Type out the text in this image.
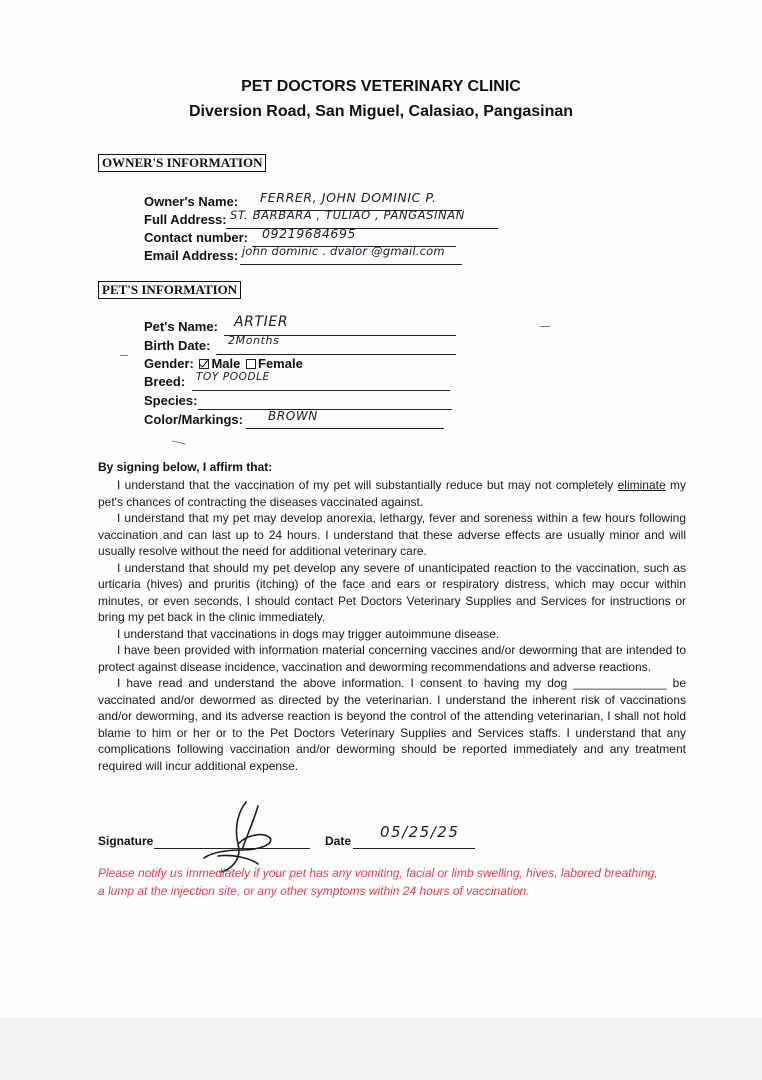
PET DOCTORS VETERINARY CLINIC
Diversion Road, San Miguel, Calasiao, Pangasinan
OWNER'S INFORMATION
Owner's Name: FERRER, JOHN DOMINIC P.
Full Address: ST. BARBARA , TULIAO , PANGASINAN
Contact number: 09219684695
Email Address: john dominic . dvalor @gmail.com
PET'S INFORMATION
Pet's Name: ARTIER
Birth Date: 2Months
Gender: Male Female
Breed: TOY POODLE
Species:
Color/Markings: BROWN
By signing below, I affirm that:

I understand that the vaccination of my pet will substantially reduce but may not completely eliminate my pet's chances of contracting the diseases vaccinated against.

I understand that my pet may develop anorexia, lethargy, fever and soreness within a few hours following vaccination and can last up to 24 hours. I understand that these adverse effects are usually minor and will usually resolve without the need for additional veterinary care.

I understand that should my pet develop any severe of unanticipated reaction to the vaccination, such as urticaria (hives) and pruritis (itching) of the face and ears or respiratory distress, which may occur within minutes, or even seconds, I should contact Pet Doctors Veterinary Supplies and Services for instructions or bring my pet back in the clinic immediately.

I understand that vaccinations in dogs may trigger autoimmune disease.

I have been provided with information material concerning vaccines and/or deworming that are intended to protect against disease incidence, vaccination and deworming recommendations and adverse reactions.

I have read and understand the above information. I consent to having my dog ______________ be vaccinated and/or dewormed as directed by the veterinarian. I understand the inherent risk of vaccinations and/or deworming, and its adverse reaction is beyond the control of the attending veterinarian, I shall not hold blame to him or her or to the Pet Doctors Veterinary Supplies and Services staffs. I understand that any complications following vaccination and/or deworming should be reported immediately and any treatment required will incur additional expense.

Signature	Date 05/25/25
Please notify us immediately if your pet has any vomiting, facial or limb swelling, hives, labored breathing, a lump at the injection site, or any other symptoms within 24 hours of vaccination.
